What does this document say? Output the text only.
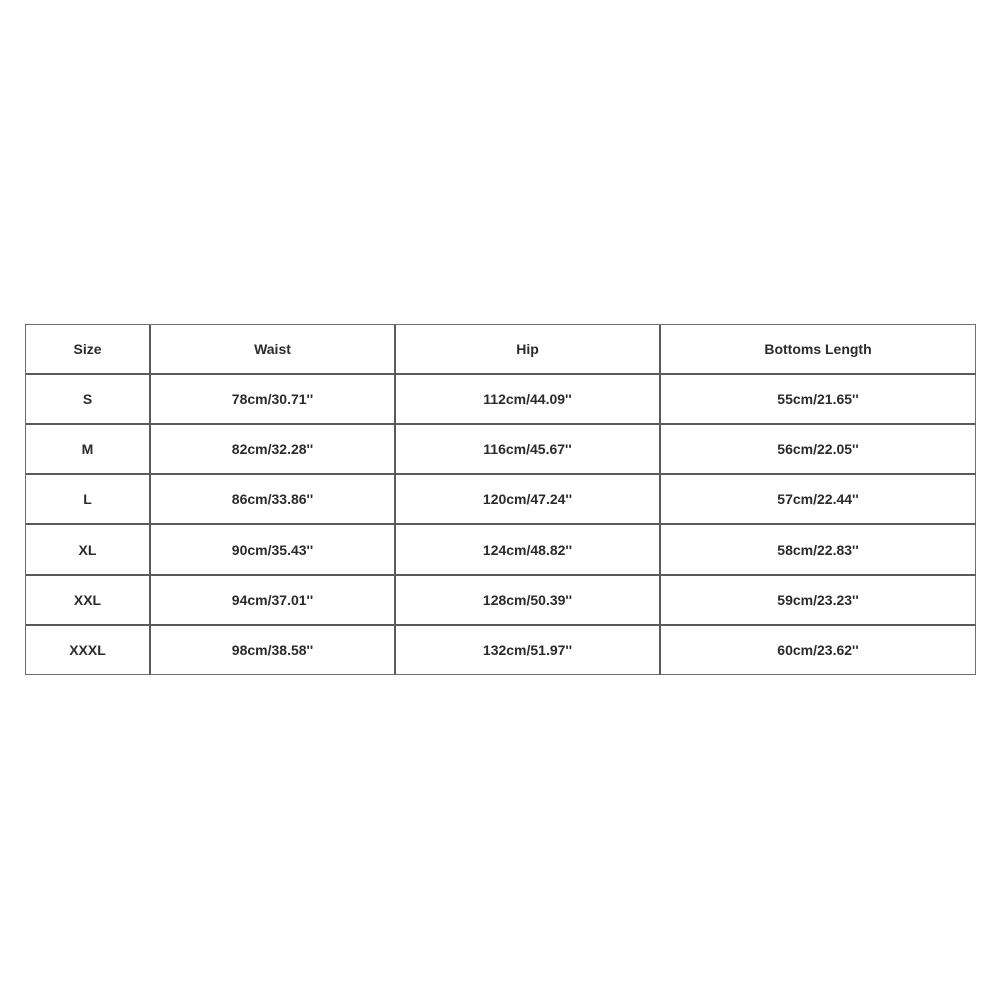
Size	Waist	Hip	Bottoms Length
S	78cm/30.71''	112cm/44.09''	55cm/21.65''
M	82cm/32.28''	116cm/45.67''	56cm/22.05''
L	86cm/33.86''	120cm/47.24''	57cm/22.44''
XL	90cm/35.43''	124cm/48.82''	58cm/22.83''
XXL	94cm/37.01''	128cm/50.39''	59cm/23.23''
XXXL	98cm/38.58''	132cm/51.97''	60cm/23.62''
